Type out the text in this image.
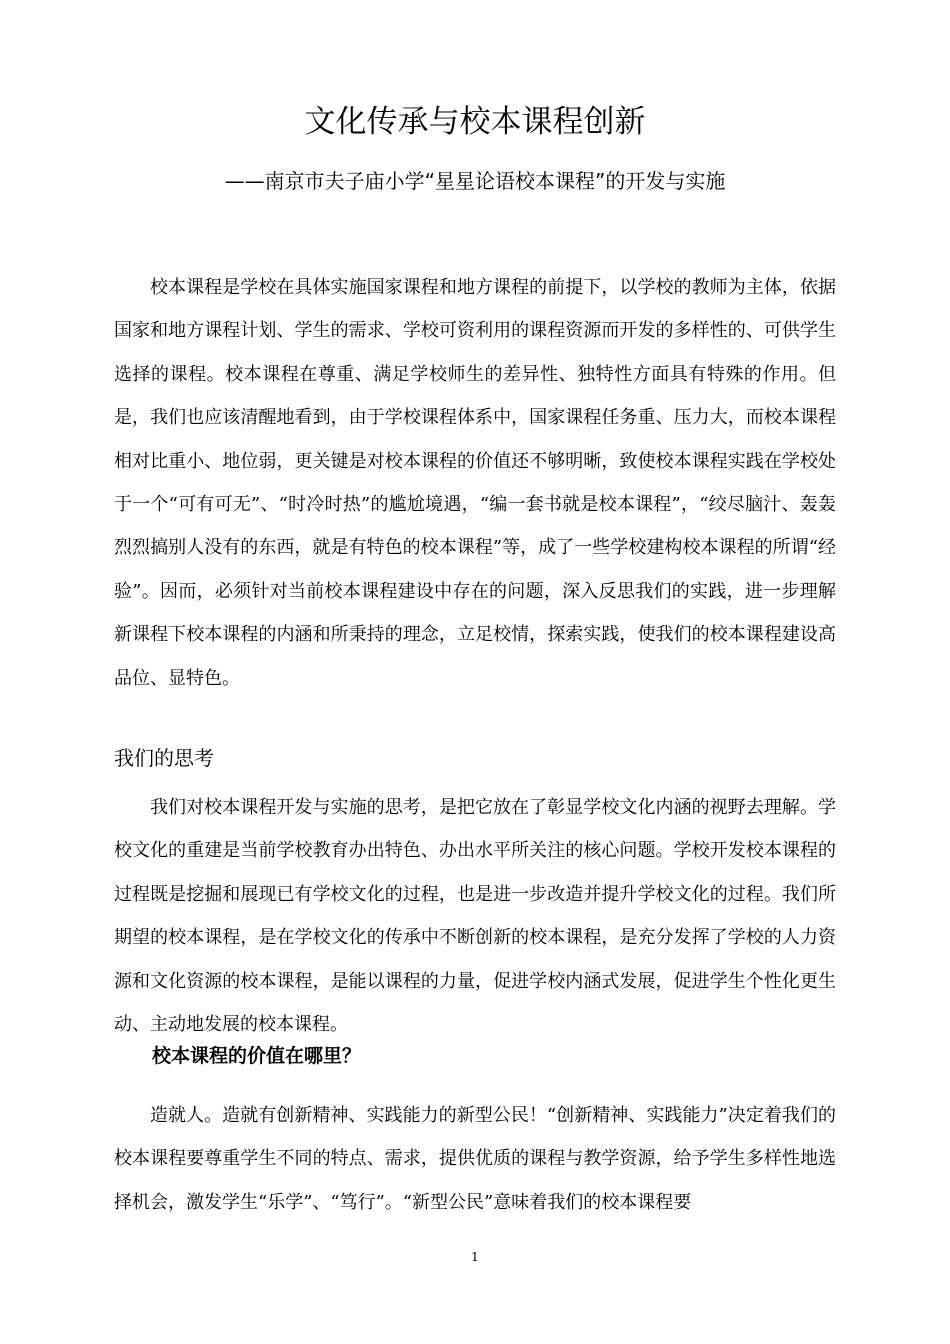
文化传承与校本课程创新
——南京市夫子庙小学“星星论语校本课程”的开发与实施

校本课程是学校在具体实施国家课程和地方课程的前提下，以学校的教师为主体，依据国家和地方课程计划、学生的需求、学校可资利用的课程资源而开发的多样性的、可供学生选择的课程。校本课程在尊重、满足学校师生的差异性、独特性方面具有特殊的作用。但是，我们也应该清醒地看到，由于学校课程体系中，国家课程任务重、压力大，而校本课程相对比重小、地位弱，更关键是对校本课程的价值还不够明晰，致使校本课程实践在学校处于一个“可有可无”、“时冷时热”的尴尬境遇，“编一套书就是校本课程”，“绞尽脑汁、轰轰烈烈搞别人没有的东西，就是有特色的校本课程”等，成了一些学校建构校本课程的所谓“经验”。因而，必须针对当前校本课程建设中存在的问题，深入反思我们的实践，进一步理解新课程下校本课程的内涵和所秉持的理念，立足校情，探索实践，使我们的校本课程建设高品位、显特色。

我们的思考

我们对校本课程开发与实施的思考，是把它放在了彰显学校文化内涵的视野去理解。学校文化的重建是当前学校教育办出特色、办出水平所关注的核心问题。学校开发校本课程的过程既是挖掘和展现已有学校文化的过程，也是进一步改造并提升学校文化的过程。我们所期望的校本课程，是在学校文化的传承中不断创新的校本课程，是充分发挥了学校的人力资源和文化资源的校本课程，是能以课程的力量，促进学校内涵式发展，促进学生个性化更生动、主动地发展的校本课程。

校本课程的价值在哪里？

造就人。造就有创新精神、实践能力的新型公民！“创新精神、实践能力”决定着我们的校本课程要尊重学生不同的特点、需求，提供优质的课程与教学资源，给予学生多样性地选择机会，激发学生“乐学”、“笃行”。“新型公民”意味着我们的校本课程要

1
